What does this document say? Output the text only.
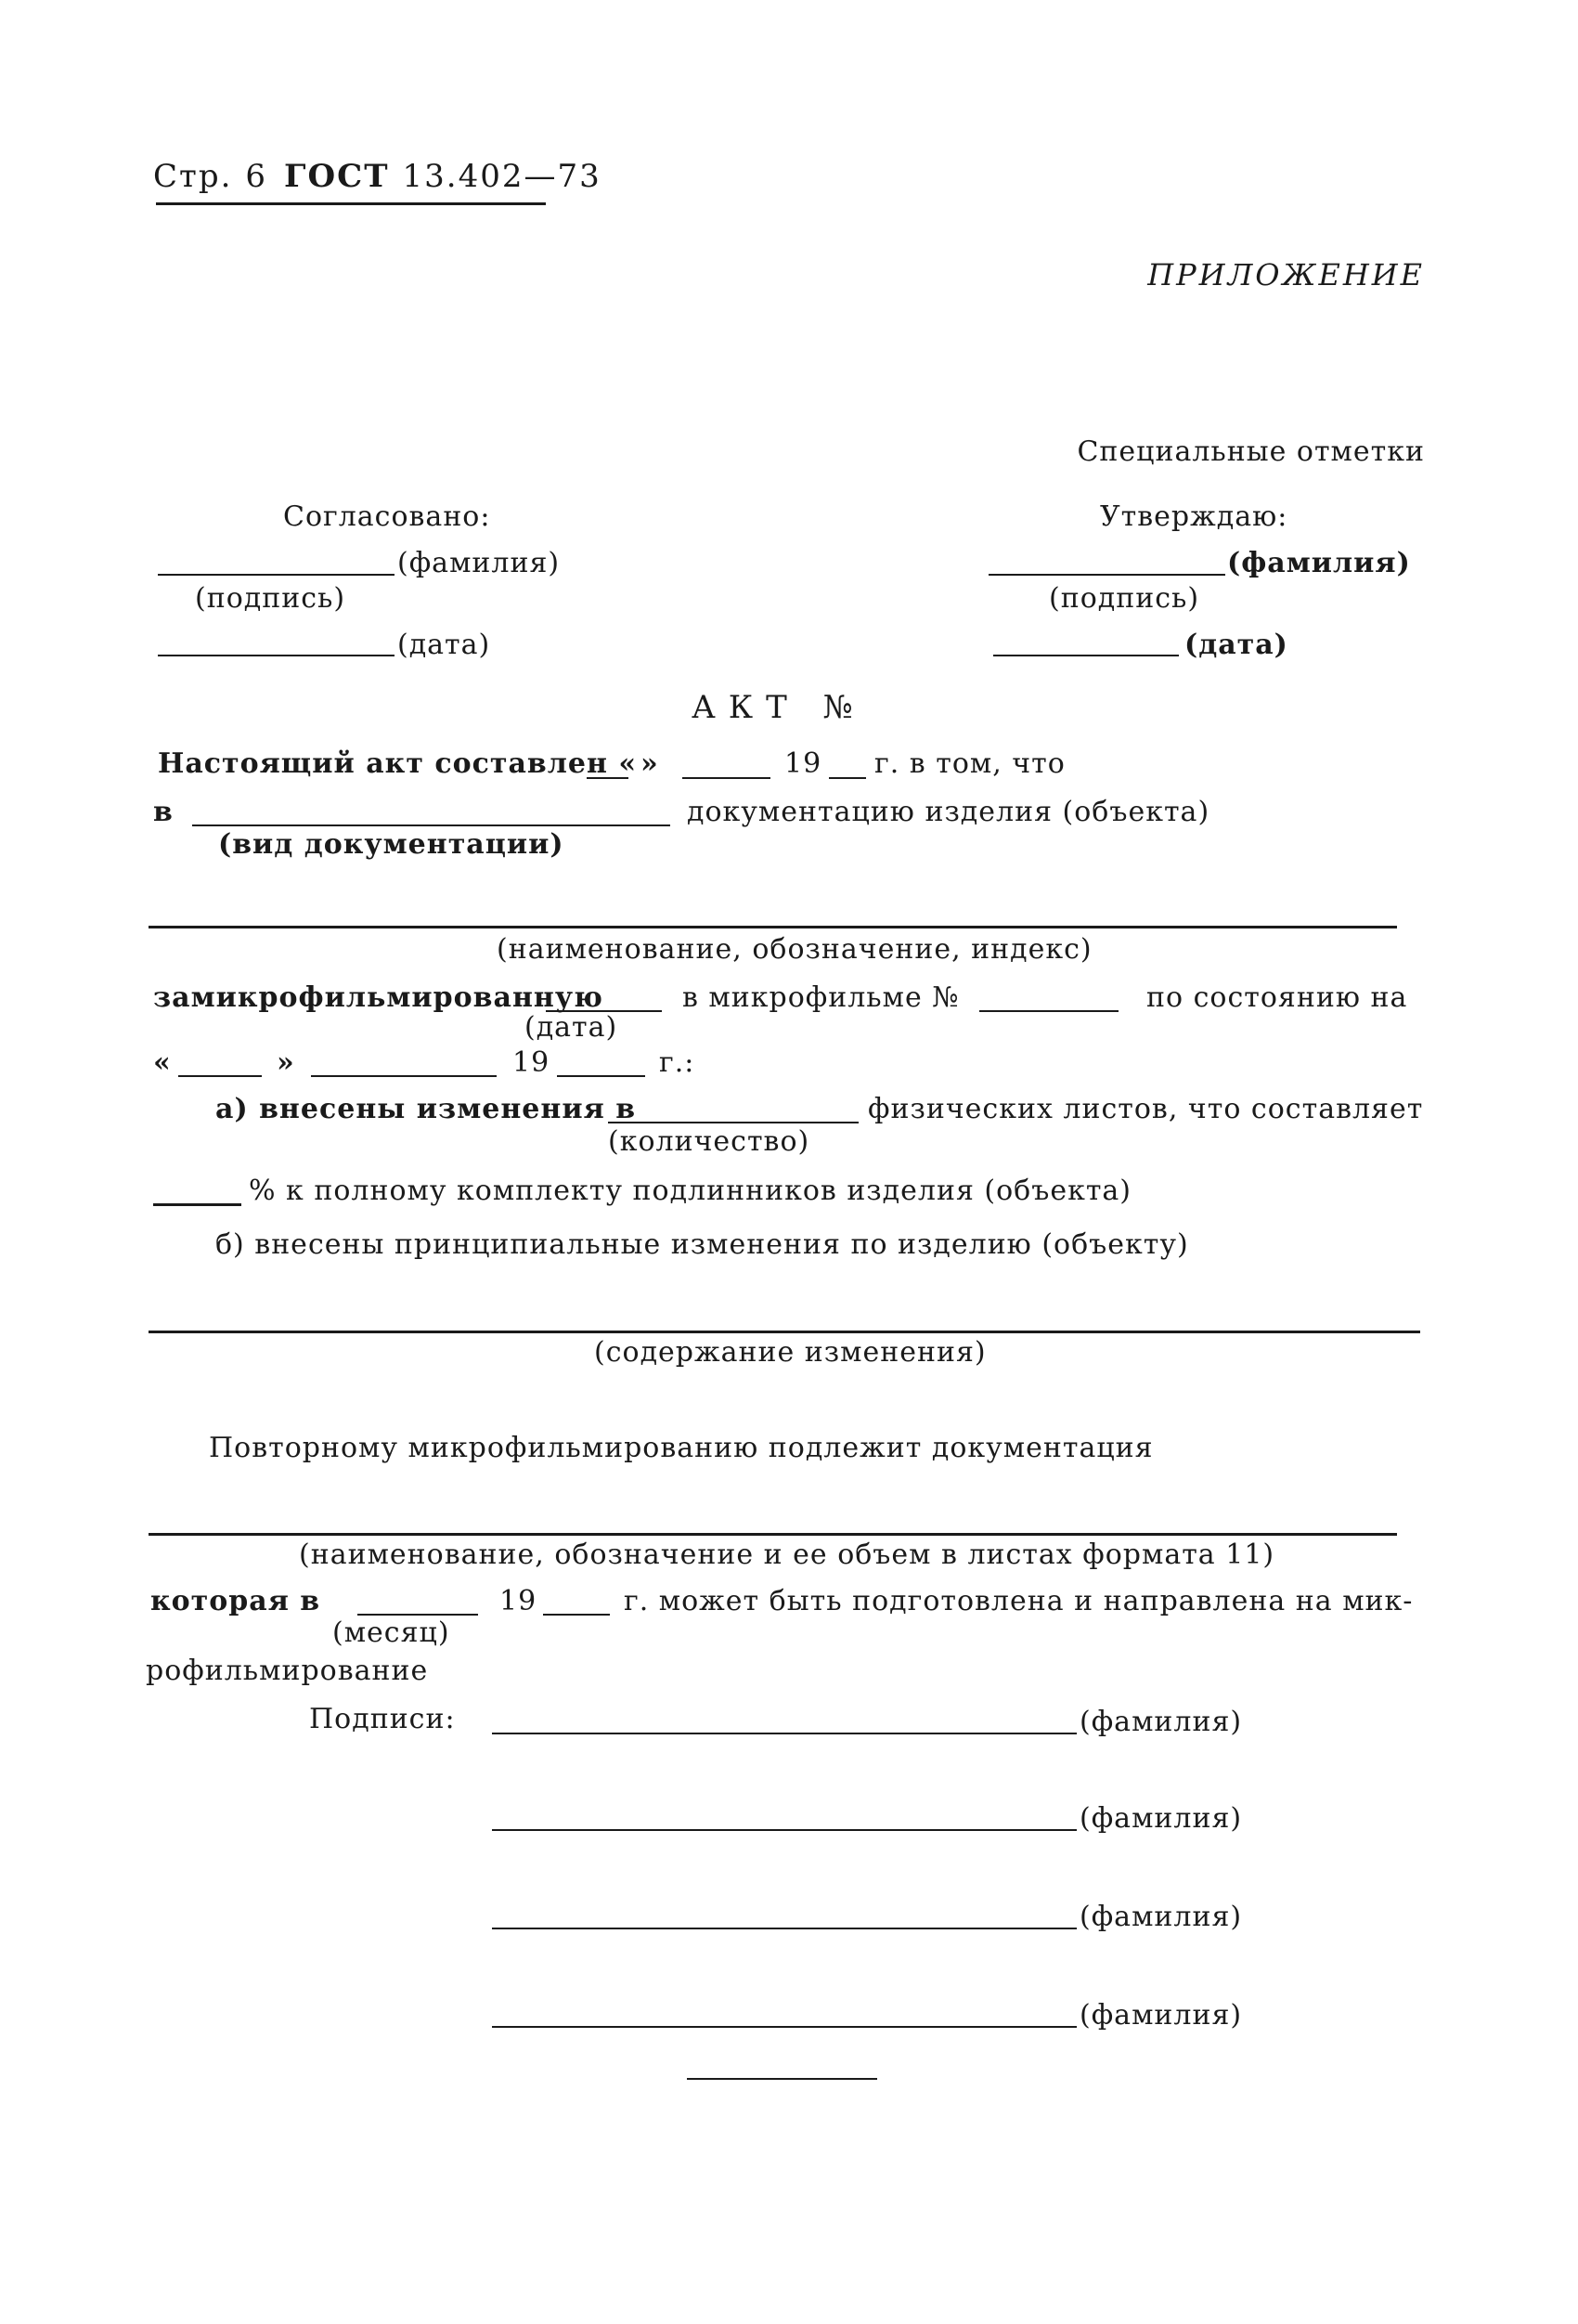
Стр. 6 ГОСТ 13.402—73
ПРИЛОЖЕНИЕ
Специальные отметки
Согласовано:
(фамилия)
(подпись)
(дата)
Утверждаю:
(фамилия)
(подпись)
(дата)
АКТ №
Настоящий акт составлен « »	19 г. в том, что
в	документацию изделия (объекта)
(вид документации)
(наименование, обозначение, индекс)
замикрофильмированную	в микрофильме №	по состоянию на
(дата)
«	»	19	г.:
а) внесены изменения в	физических листов, что составляет
(количество)
% к полному комплекту подлинников изделия (объекта)
б) внесены принципиальные изменения по изделию (объекту)
(содержание изменения)
Повторному микрофильмированию подлежит документация
(наименование, обозначение и ее объем в листах формата 11)
которая в	19	г. может быть подготовлена и направлена на мик-
(месяц)
рофильмирование
Подписи:	(фамилия)
(фамилия)
(фамилия)
(фамилия)
